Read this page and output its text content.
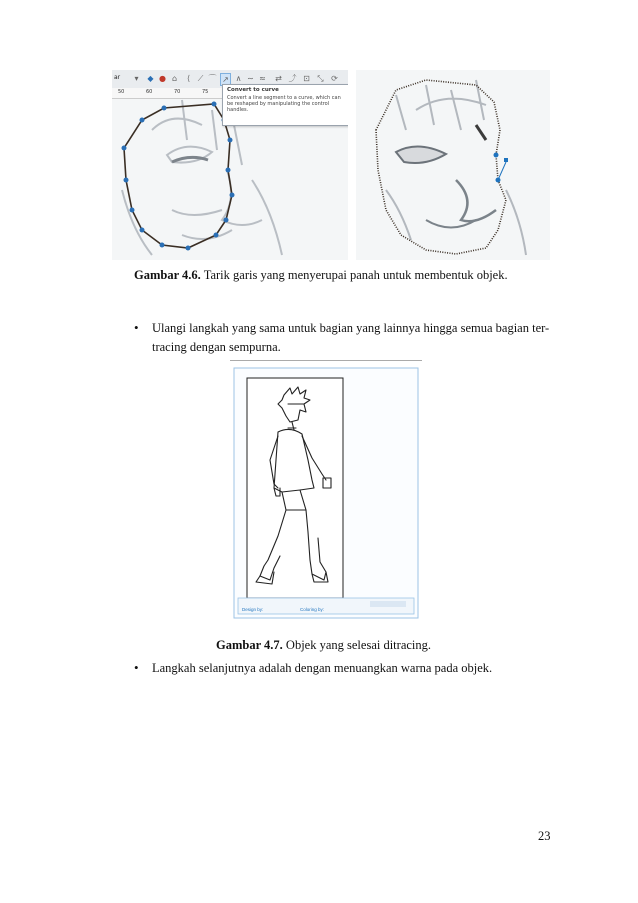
ar	▾	◆ ● ⌂	⟨ ⟋ ⌒ ↗ ∧ ∼ ≈ ⇄ ⤴ ⊡ ⤡ ⟳
50	60	70	75	Convert to curve
Convert a line segment to a curve, which can be reshaped by manipulating the control handles.
Gambar 4.6. Tarik garis yang menyerupai panah untuk membentuk objek.
• Ulangi langkah yang sama untuk bagian yang lainnya hingga semua bagian ter-
tracing dengan sempurna.
Design by:	Coloring by:
Gambar 4.7. Objek yang selesai ditracing.
• Langkah selanjutnya adalah dengan menuangkan warna pada objek.
23
